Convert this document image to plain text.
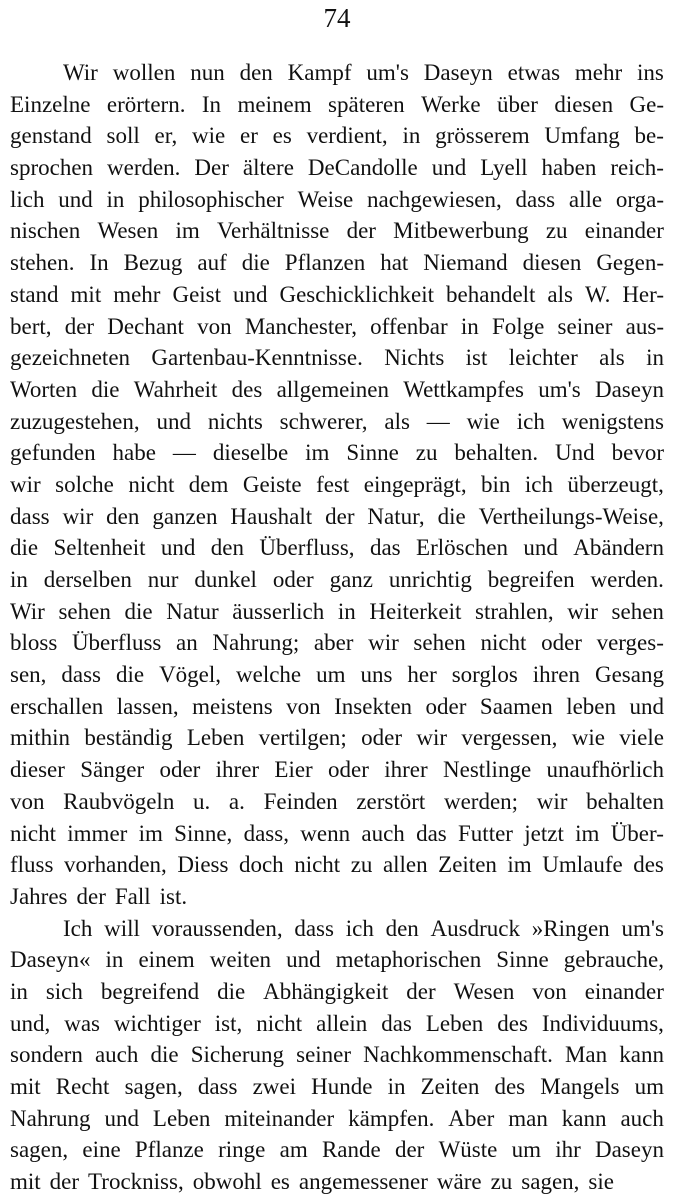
74
Wir wollen nun den Kampf um's Daseyn etwas mehr ins
Einzelne erörtern. In meinem späteren Werke über diesen Ge-
genstand soll er, wie er es verdient, in grösserem Umfang be-
sprochen werden. Der ältere DeCandolle und Lyell haben reich-
lich und in philosophischer Weise nachgewiesen, dass alle orga-
nischen Wesen im Verhältnisse der Mitbewerbung zu einander
stehen. In Bezug auf die Pflanzen hat Niemand diesen Gegen-
stand mit mehr Geist und Geschicklichkeit behandelt als W. Her-
bert, der Dechant von Manchester, offenbar in Folge seiner aus-
gezeichneten Gartenbau-Kenntnisse. Nichts ist leichter als in
Worten die Wahrheit des allgemeinen Wettkampfes um's Daseyn
zuzugestehen, und nichts schwerer, als — wie ich wenigstens
gefunden habe — dieselbe im Sinne zu behalten. Und bevor
wir solche nicht dem Geiste fest eingeprägt, bin ich überzeugt,
dass wir den ganzen Haushalt der Natur, die Vertheilungs-Weise,
die Seltenheit und den Überfluss, das Erlöschen und Abändern
in derselben nur dunkel oder ganz unrichtig begreifen werden.
Wir sehen die Natur äusserlich in Heiterkeit strahlen, wir sehen
bloss Überfluss an Nahrung; aber wir sehen nicht oder verges-
sen, dass die Vögel, welche um uns her sorglos ihren Gesang
erschallen lassen, meistens von Insekten oder Saamen leben und
mithin beständig Leben vertilgen; oder wir vergessen, wie viele
dieser Sänger oder ihrer Eier oder ihrer Nestlinge unaufhörlich
von Raubvögeln u. a. Feinden zerstört werden; wir behalten
nicht immer im Sinne, dass, wenn auch das Futter jetzt im Über-
fluss vorhanden, Diess doch nicht zu allen Zeiten im Umlaufe des
Jahres der Fall ist.
Ich will voraussenden, dass ich den Ausdruck »Ringen um's
Daseyn« in einem weiten und metaphorischen Sinne gebrauche,
in sich begreifend die Abhängigkeit der Wesen von einander
und, was wichtiger ist, nicht allein das Leben des Individuums,
sondern auch die Sicherung seiner Nachkommenschaft. Man kann
mit Recht sagen, dass zwei Hunde in Zeiten des Mangels um
Nahrung und Leben miteinander kämpfen. Aber man kann auch
sagen, eine Pflanze ringe am Rande der Wüste um ihr Daseyn
mit der Trockniss, obwohl es angemessener wäre zu sagen, sie
